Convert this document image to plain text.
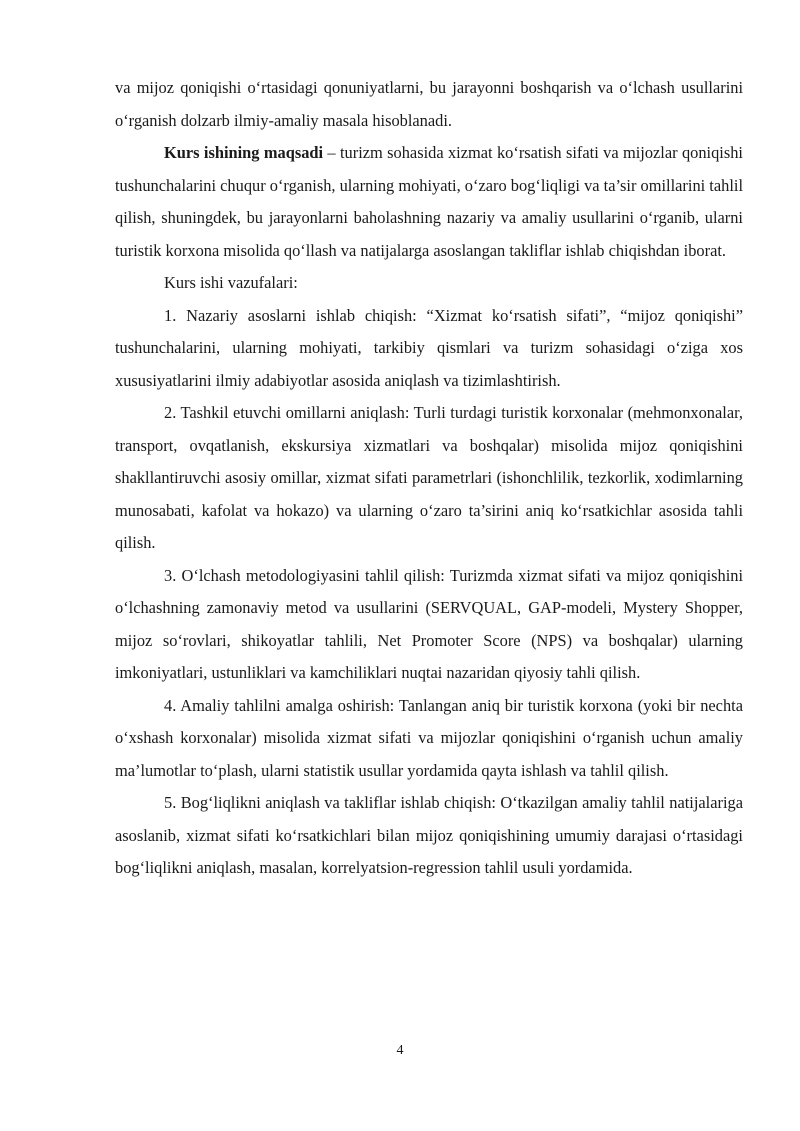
va mijoz qoniqishi o‘rtasidagi qonuniyatlarni, bu jarayonni boshqarish va o‘lchash usullarini o‘rganish dolzarb ilmiy-amaliy masala hisoblanadi.

Kurs ishining maqsadi – turizm sohasida xizmat ko‘rsatish sifati va mijozlar qoniqishi tushunchalarini chuqur o‘rganish, ularning mohiyati, o‘zaro bog‘liqligi va ta’sir omillarini tahlil qilish, shuningdek, bu jarayonlarni baholashning nazariy va amaliy usullarini o‘rganib, ularni turistik korxona misolida qo‘llash va natijalarga asoslangan takliflar ishlab chiqishdan iborat.

Kurs ishi vazufalari:

1. Nazariy asoslarni ishlab chiqish: “Xizmat ko‘rsatish sifati”, “mijoz qoniqishi” tushunchalarini, ularning mohiyati, tarkibiy qismlari va turizm sohasidagi o‘ziga xos xususiyatlarini ilmiy adabiyotlar asosida aniqlash va tizimlashtirish.

2. Tashkil etuvchi omillarni aniqlash: Turli turdagi turistik korxonalar (mehmonxonalar, transport, ovqatlanish, ekskursiya xizmatlari va boshqalar) misolida mijoz qoniqishini shakllantiruvchi asosiy omillar, xizmat sifati parametrlari (ishonchlilik, tezkorlik, xodimlarning munosabati, kafolat va hokazo) va ularning o‘zaro ta’sirini aniq ko‘rsatkichlar asosida tahli qilish.

3. O‘lchash metodologiyasini tahlil qilish: Turizmda xizmat sifati va mijoz qoniqishini o‘lchashning zamonaviy metod va usullarini (SERVQUAL, GAP-modeli, Mystery Shopper, mijoz so‘rovlari, shikoyatlar tahlili, Net Promoter Score (NPS) va boshqalar) ularning imkoniyatlari, ustunliklari va kamchiliklari nuqtai nazaridan qiyosiy tahli qilish.

4. Amaliy tahlilni amalga oshirish: Tanlangan aniq bir turistik korxona (yoki bir nechta o‘xshash korxonalar) misolida xizmat sifati va mijozlar qoniqishini o‘rganish uchun amaliy ma’lumotlar to‘plash, ularni statistik usullar yordamida qayta ishlash va tahlil qilish.

5. Bog‘liqlikni aniqlash va takliflar ishlab chiqish: O‘tkazilgan amaliy tahlil natijalariga asoslanib, xizmat sifati ko‘rsatkichlari bilan mijoz qoniqishining umumiy darajasi o‘rtasidagi bog‘liqlikni aniqlash, masalan, korrelyatsion-regression tahlil usuli yordamida.

4
